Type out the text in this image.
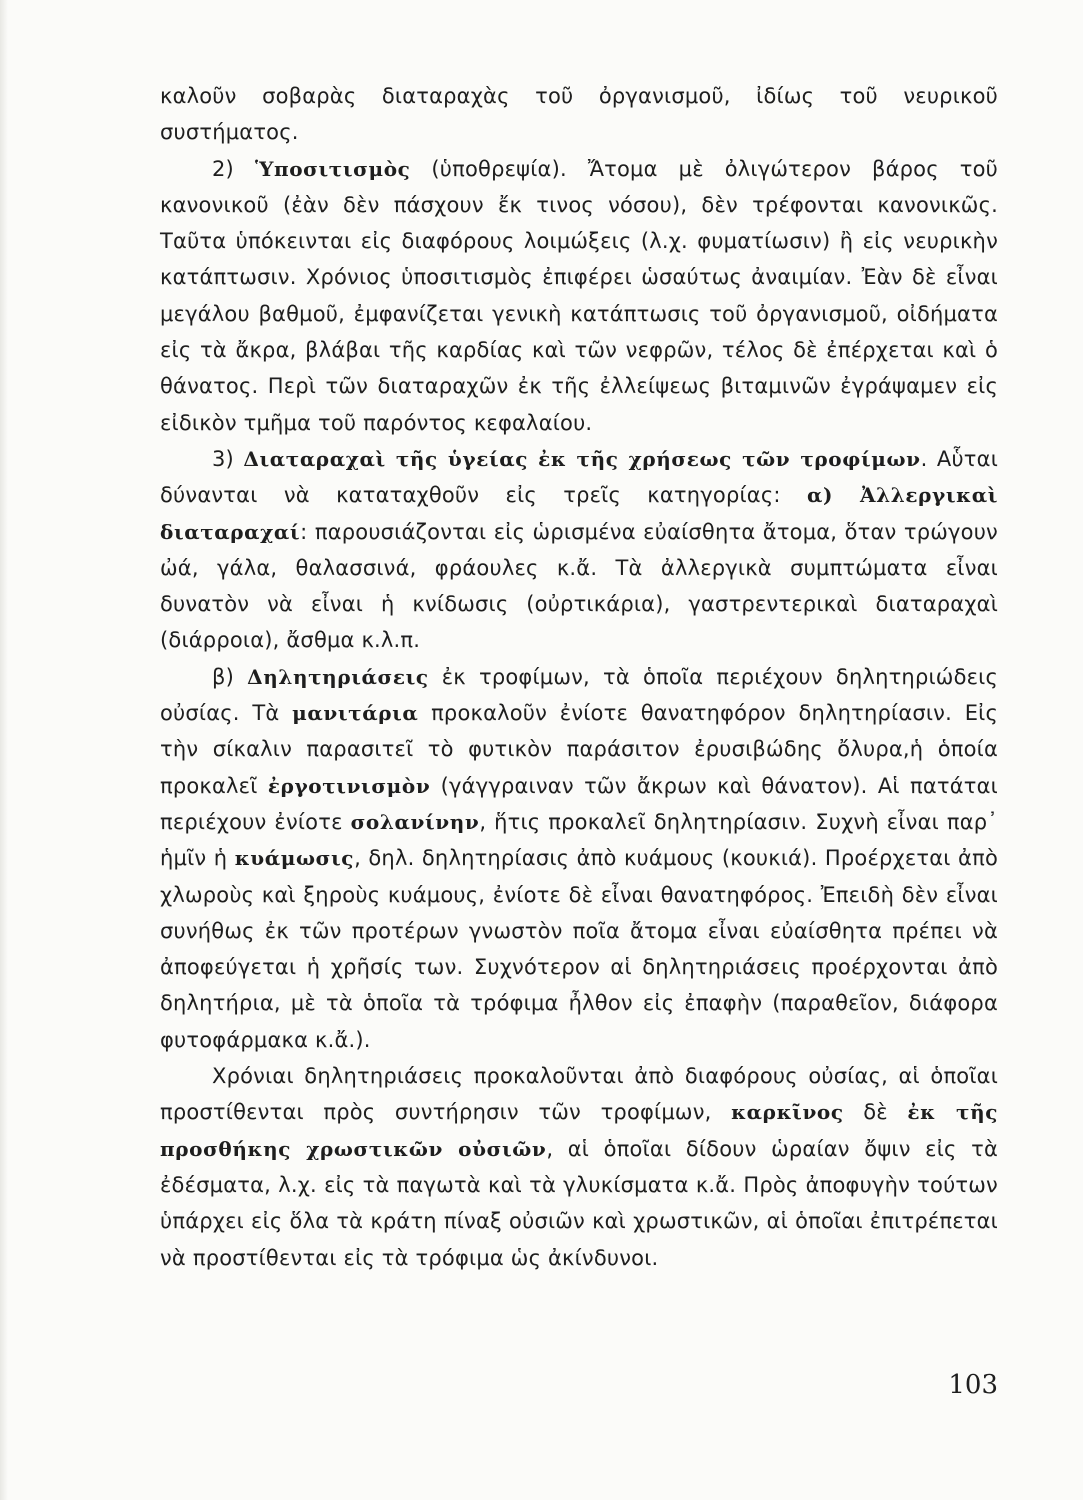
καλοῦν σοβαρὰς διαταραχὰς τοῦ ὀργανισμοῦ, ἰδίως τοῦ νευρικοῦ συστήματος.

2) Ὑποσιτισμὸς (ὑποθρεψία). Ἄτομα μὲ ὀλιγώτερον βάρος τοῦ κανονικοῦ (ἐὰν δὲν πάσχουν ἔκ τινος νόσου), δὲν τρέφονται κανονικῶς. Ταῦτα ὑπόκεινται εἰς διαφόρους λοιμώξεις (λ.χ. φυματίωσιν) ἢ εἰς νευρικὴν κατάπτωσιν. Χρόνιος ὑποσιτισμὸς ἐπιφέρει ὡσαύτως ἀναιμίαν. Ἐὰν δὲ εἶναι μεγάλου βαθμοῦ, ἐμφανίζεται γενικὴ κατάπτωσις τοῦ ὀργανισμοῦ, οἰδήματα εἰς τὰ ἄκρα, βλάβαι τῆς καρδίας καὶ τῶν νεφρῶν, τέλος δὲ ἐπέρχεται καὶ ὁ θάνατος. Περὶ τῶν διαταραχῶν ἐκ τῆς ἐλλείψεως βιταμινῶν ἐγράψαμεν εἰς εἰδικὸν τμῆμα τοῦ παρόντος κεφαλαίου.

3) Διαταραχαὶ τῆς ὑγείας ἐκ τῆς χρήσεως τῶν τροφίμων. Αὗται δύνανται νὰ καταταχθοῦν εἰς τρεῖς κατηγορίας: α) Ἀλλεργικαὶ διαταραχαί: παρουσιάζονται εἰς ὡρισμένα εὐαίσθητα ἄτομα, ὅταν τρώγουν ὠά, γάλα, θαλασσινά, φράουλες κ.ἄ. Τὰ ἀλλεργικὰ συμπτώματα εἶναι δυνατὸν νὰ εἶναι ἡ κνίδωσις (οὐρτικάρια), γαστρεντερικαὶ διαταραχαὶ (διάρροια), ἄσθμα κ.λ.π.

β) Δηλητηριάσεις ἐκ τροφίμων, τὰ ὁποῖα περιέχουν δηλητηριώδεις οὐσίας. Τὰ μανιτάρια προκαλοῦν ἐνίοτε θανατηφόρον δηλητηρίασιν. Εἰς τὴν σίκαλιν παρασιτεῖ τὸ φυτικὸν παράσιτον ἐρυσιβώδης ὄλυρα,ἡ ὁποία προκαλεῖ ἐργοτινισμὸν (γάγγραιναν τῶν ἄκρων καὶ θάνατον). Αἱ πατάται περιέχουν ἐνίοτε σολανίνην, ἥτις προκαλεῖ δηλητηρίασιν. Συχνὴ εἶναι παρ᾽ ἡμῖν ἡ κυάμωσις, δηλ. δηλητηρίασις ἀπὸ κυάμους (κουκιά). Προέρχεται ἀπὸ χλωροὺς καὶ ξηροὺς κυάμους, ἐνίοτε δὲ εἶναι θανατηφόρος. Ἐπειδὴ δὲν εἶναι συνήθως ἐκ τῶν προτέρων γνωστὸν ποῖα ἄτομα εἶναι εὐαίσθητα πρέπει νὰ ἀποφεύγεται ἡ χρῆσίς των. Συχνότερον αἱ δηλητηριάσεις προέρχονται ἀπὸ δηλητήρια, μὲ τὰ ὁποῖα τὰ τρόφιμα ἦλθον εἰς ἐπαφὴν (παραθεῖον, διάφορα φυτοφάρμακα κ.ἄ.).

Χρόνιαι δηλητηριάσεις προκαλοῦνται ἀπὸ διαφόρους οὐσίας, αἱ ὁποῖαι προστίθενται πρὸς συντήρησιν τῶν τροφίμων, καρκῖνος δὲ ἐκ τῆς προσθήκης χρωστικῶν οὐσιῶν, αἱ ὁποῖαι δίδουν ὡραίαν ὄψιν εἰς τὰ ἐδέσματα, λ.χ. εἰς τὰ παγωτὰ καὶ τὰ γλυκίσματα κ.ἄ. Πρὸς ἀποφυγὴν τούτων ὑπάρχει εἰς ὅλα τὰ κράτη πίναξ οὐσιῶν καὶ χρωστικῶν, αἱ ὁποῖαι ἐπιτρέπεται νὰ προστίθενται εἰς τὰ τρόφιμα ὡς ἀκίνδυνοι.

103
